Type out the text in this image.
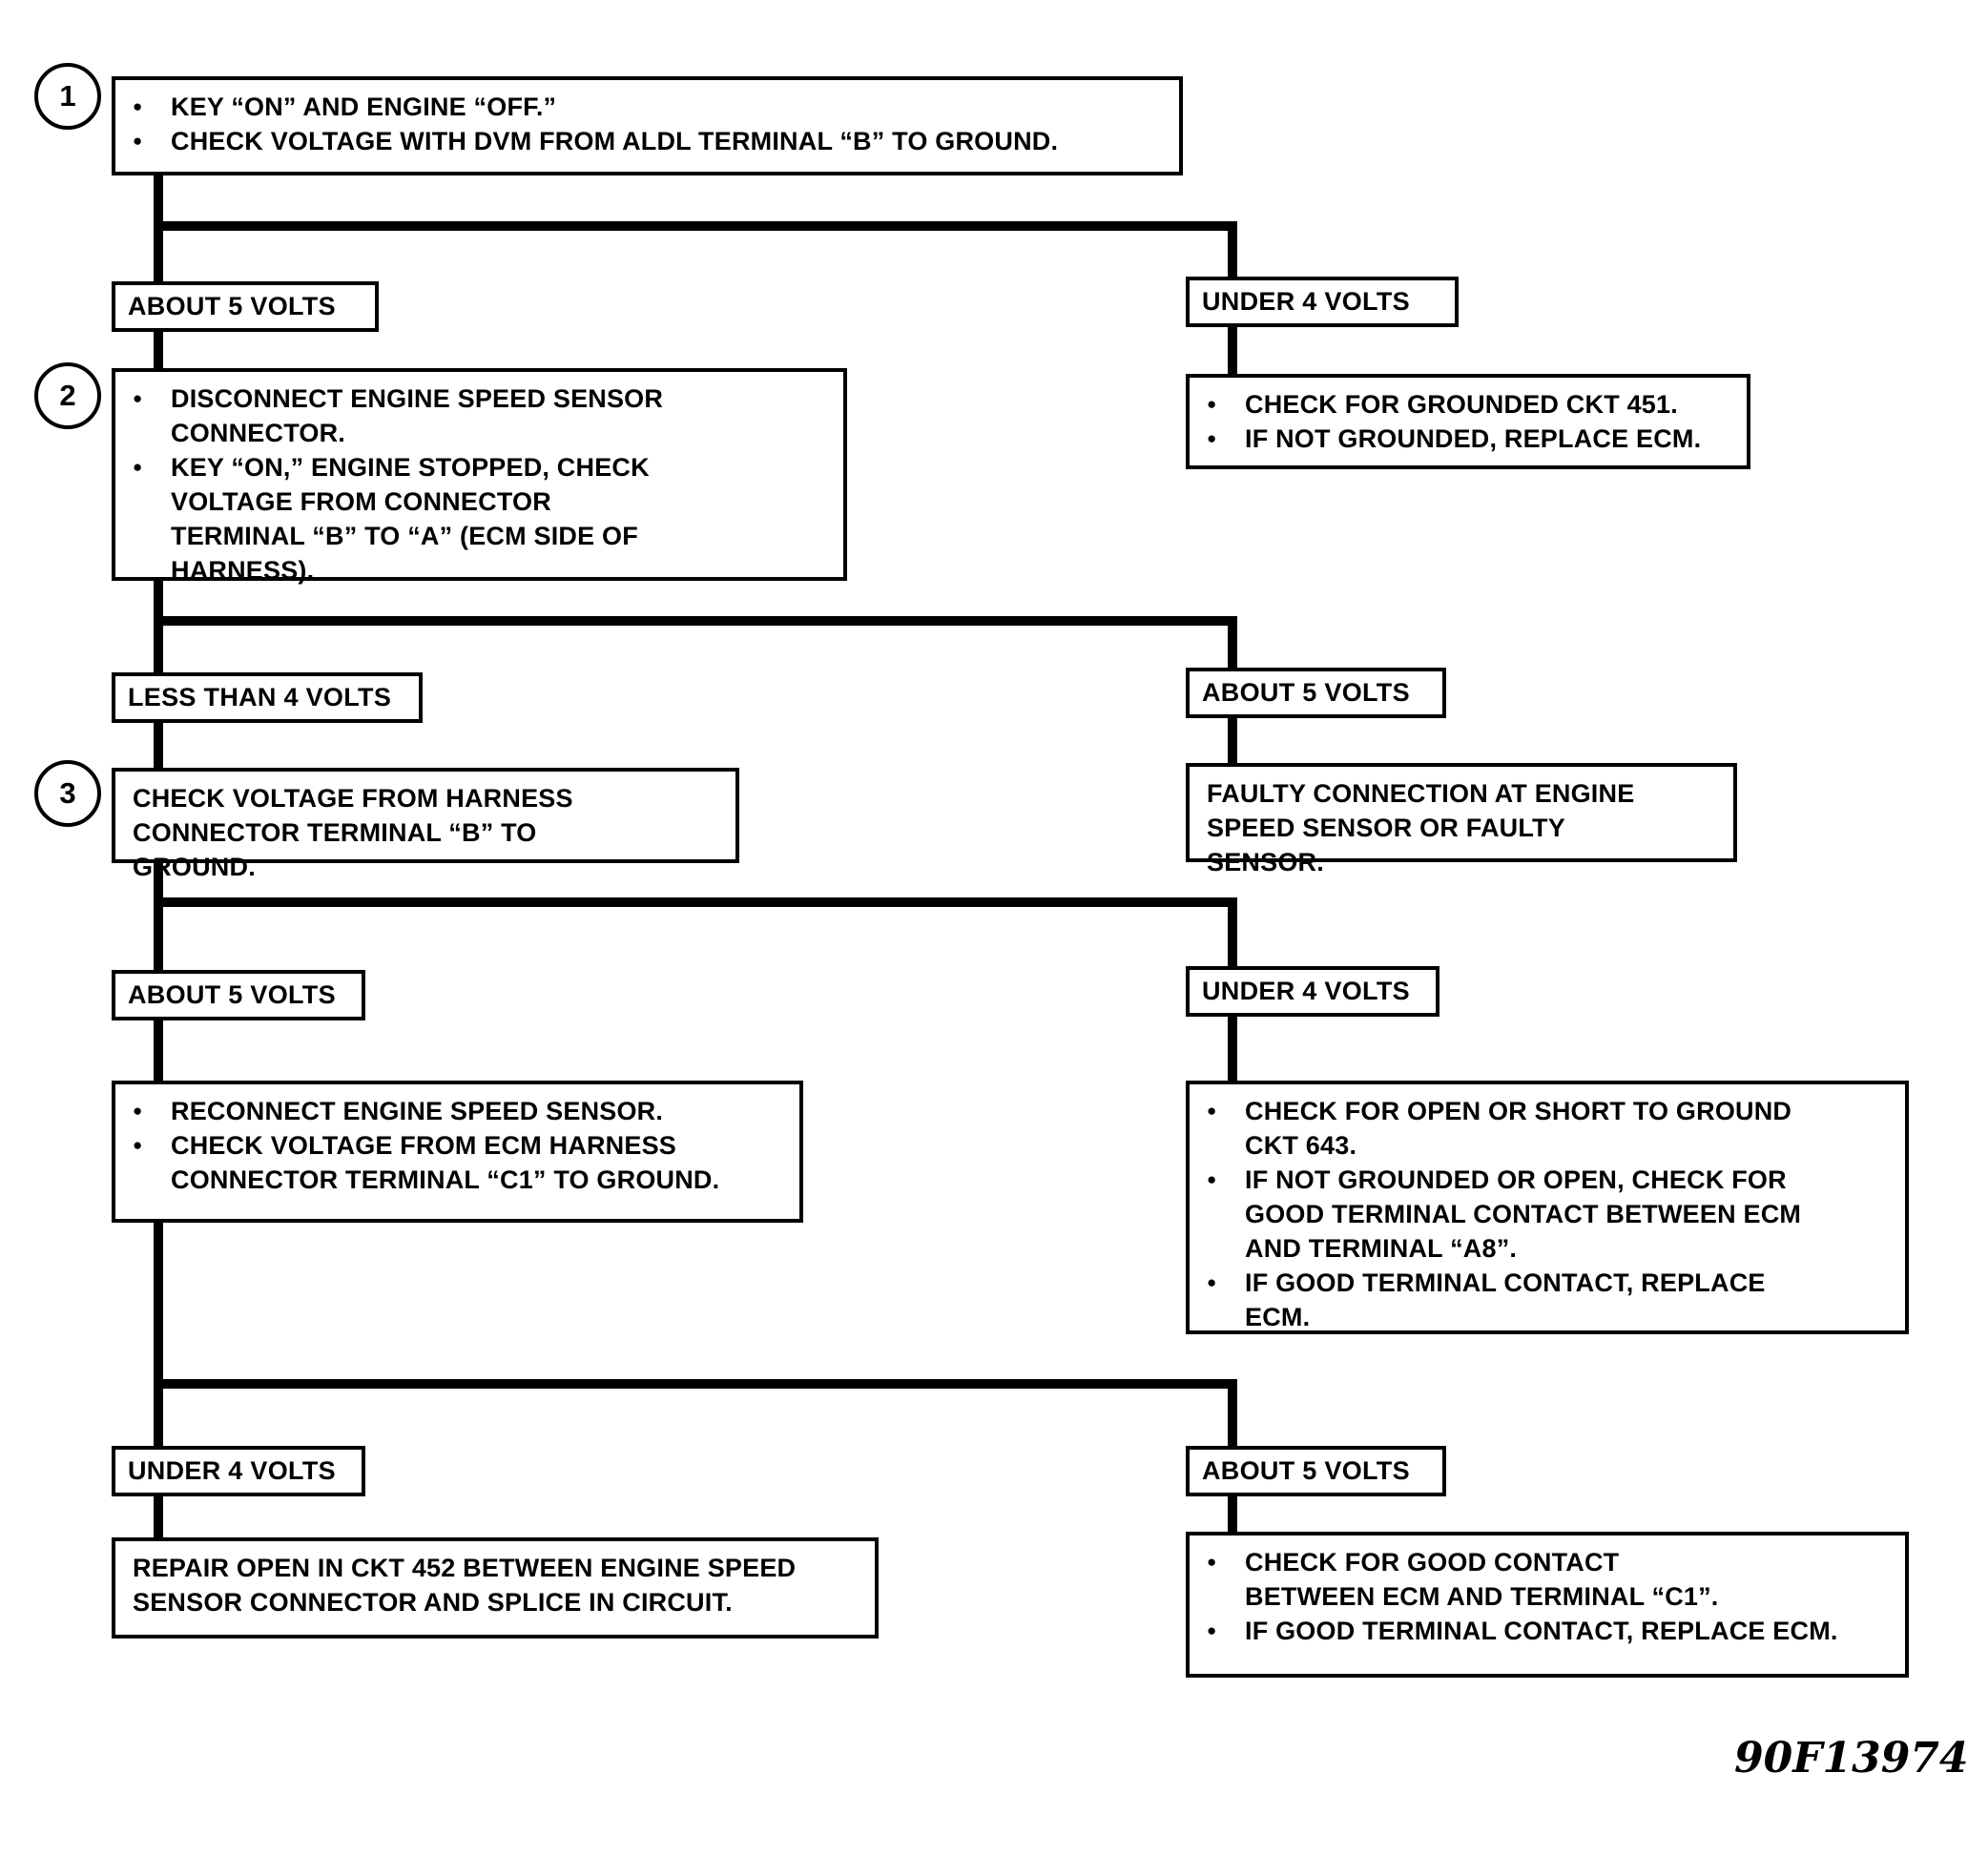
1
2
3
●	KEY “ON” AND ENGINE “OFF.”
●	CHECK VOLTAGE WITH DVM FROM ALDL TERMINAL “B” TO GROUND.
ABOUT 5 VOLTS	UNDER 4 VOLTS
●	DISCONNECT ENGINE SPEED SENSOR CONNECTOR.
●	KEY “ON,” ENGINE STOPPED, CHECK VOLTAGE FROM CONNECTOR TERMINAL “B” TO “A” (ECM SIDE OF HARNESS).
●	CHECK FOR GROUNDED CKT 451.
●	IF NOT GROUNDED, REPLACE ECM.
LESS THAN 4 VOLTS	ABOUT 5 VOLTS
CHECK VOLTAGE FROM HARNESS CONNECTOR TERMINAL “B” TO GROUND.
FAULTY CONNECTION AT ENGINE SPEED SENSOR OR FAULTY SENSOR.
ABOUT 5 VOLTS	UNDER 4 VOLTS
●	RECONNECT ENGINE SPEED SENSOR.
●	CHECK VOLTAGE FROM ECM HARNESS CONNECTOR TERMINAL “C1” TO GROUND.
●	CHECK FOR OPEN OR SHORT TO GROUND CKT 643.
●	IF NOT GROUNDED OR OPEN, CHECK FOR GOOD TERMINAL CONTACT BETWEEN ECM AND TERMINAL “A8”.
●	IF GOOD TERMINAL CONTACT, REPLACE ECM.
UNDER 4 VOLTS	ABOUT 5 VOLTS
REPAIR OPEN IN CKT 452 BETWEEN ENGINE SPEED SENSOR CONNECTOR AND SPLICE IN CIRCUIT.
●	CHECK FOR GOOD CONTACT BETWEEN ECM AND TERMINAL “C1”.
●	IF GOOD TERMINAL CONTACT, REPLACE ECM.
90F13974
